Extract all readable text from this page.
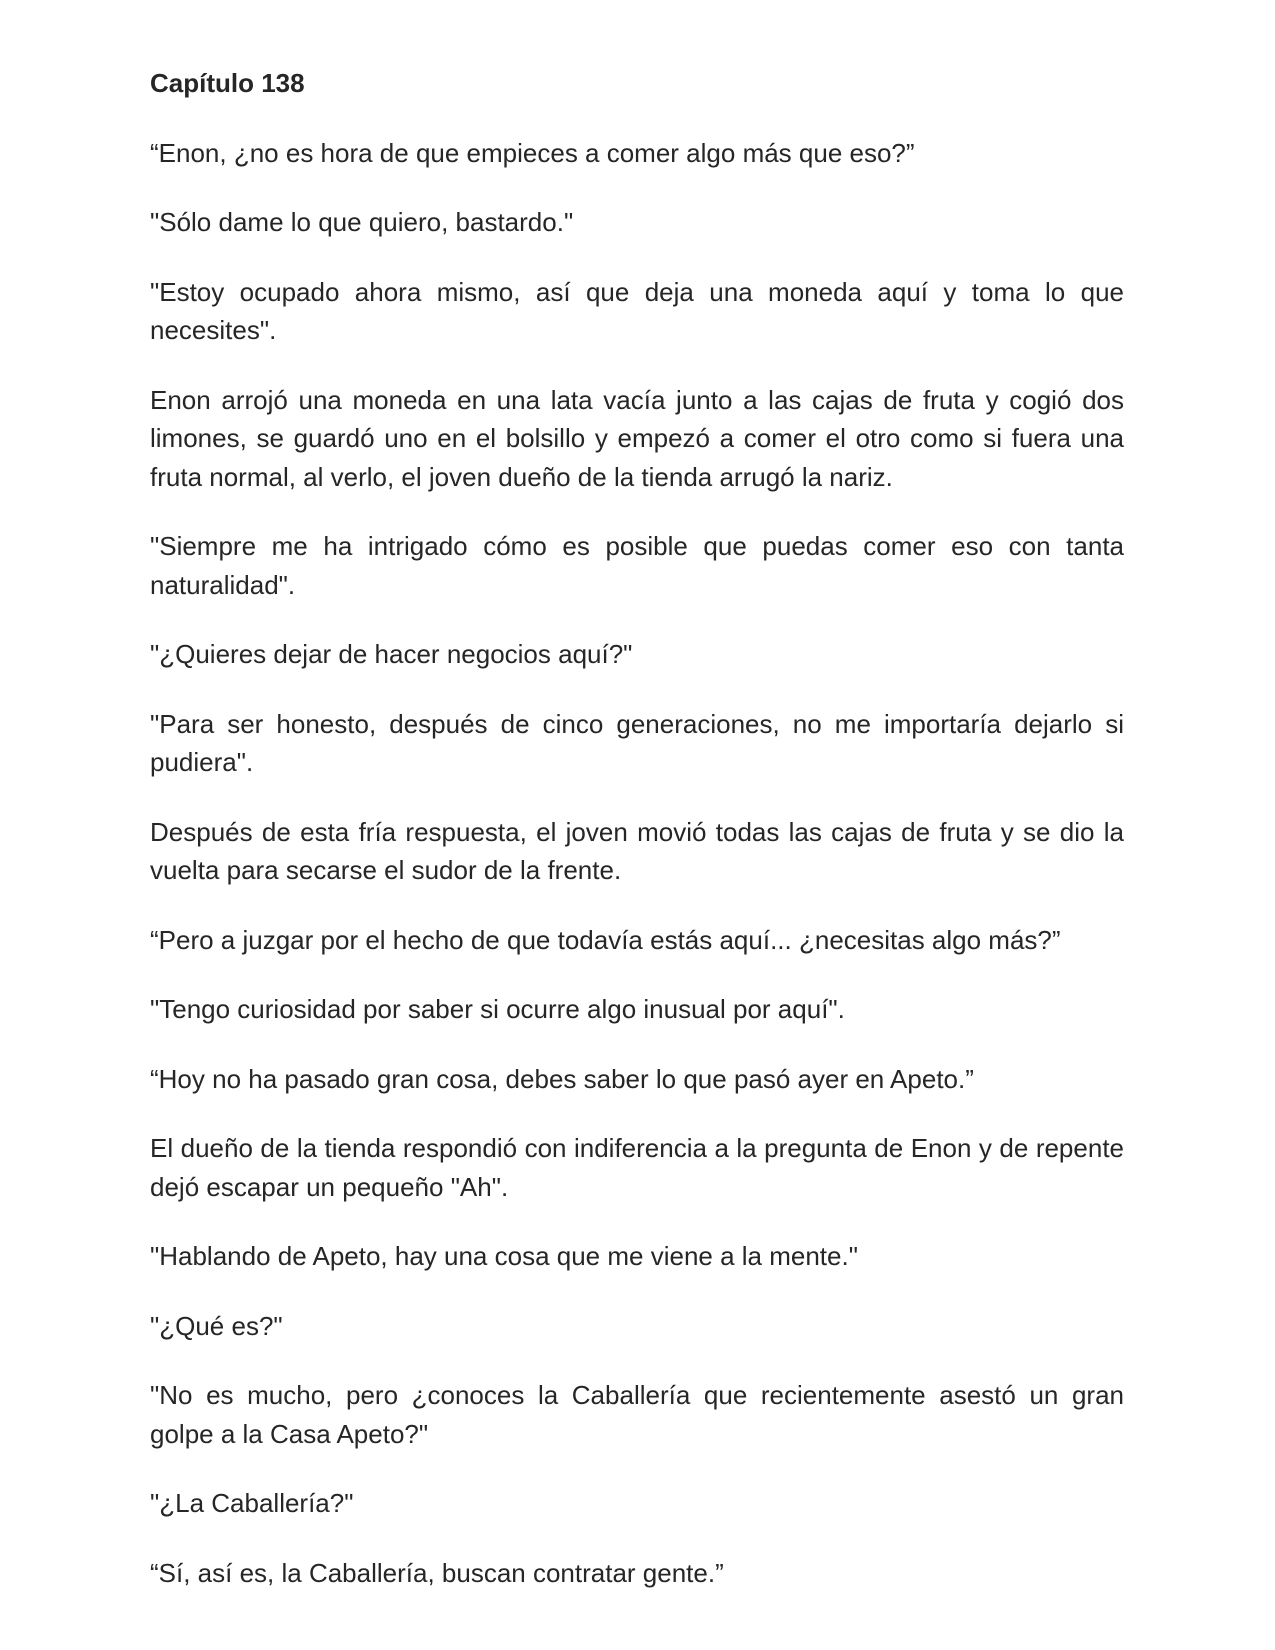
Capítulo 138

“Enon, ¿no es hora de que empieces a comer algo más que eso?”

"Sólo dame lo que quiero, bastardo."

"Estoy ocupado ahora mismo, así que deja una moneda aquí y toma lo que necesites".

Enon arrojó una moneda en una lata vacía junto a las cajas de fruta y cogió dos limones, se guardó uno en el bolsillo y empezó a comer el otro como si fuera una fruta normal, al verlo, el joven dueño de la tienda arrugó la nariz.

"Siempre me ha intrigado cómo es posible que puedas comer eso con tanta naturalidad".

"¿Quieres dejar de hacer negocios aquí?"

"Para ser honesto, después de cinco generaciones, no me importaría dejarlo si pudiera".

Después de esta fría respuesta, el joven movió todas las cajas de fruta y se dio la vuelta para secarse el sudor de la frente.

“Pero a juzgar por el hecho de que todavía estás aquí... ¿necesitas algo más?”

"Tengo curiosidad por saber si ocurre algo inusual por aquí".

“Hoy no ha pasado gran cosa, debes saber lo que pasó ayer en Apeto.”

El dueño de la tienda respondió con indiferencia a la pregunta de Enon y de repente dejó escapar un pequeño "Ah".

"Hablando de Apeto, hay una cosa que me viene a la mente."

"¿Qué es?"

"No es mucho, pero ¿conoces la Caballería que recientemente asestó un gran golpe a la Casa Apeto?"

"¿La Caballería?"

“Sí, así es, la Caballería, buscan contratar gente.”
